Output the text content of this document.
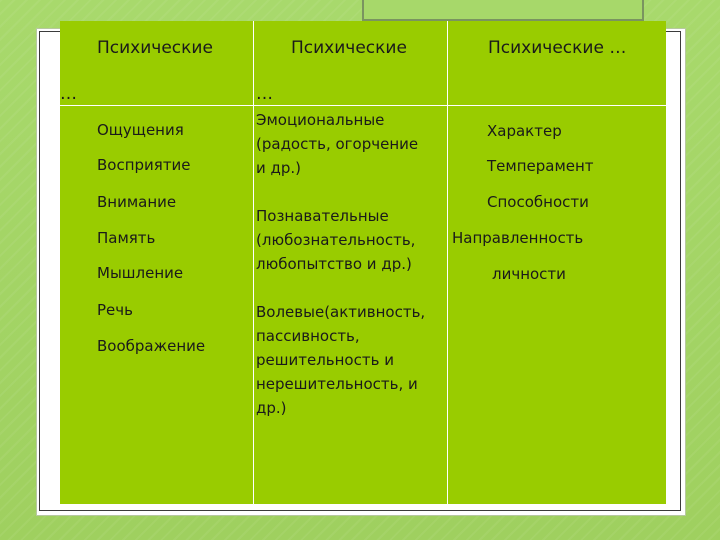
Психические
…
Психические
…
Психические …
Ощущения
Восприятие
Внимание
Память
Мышление
Речь
Воображение
Эмоциональные
(радость, огорчение
и др.)
Познавательные
(любознательность,
любопытство и др.)
Волевые(активность,
пассивность,
решительность и
нерешительность, и
др.)
Характер
Темперамент
Способности
Направленность
личности
